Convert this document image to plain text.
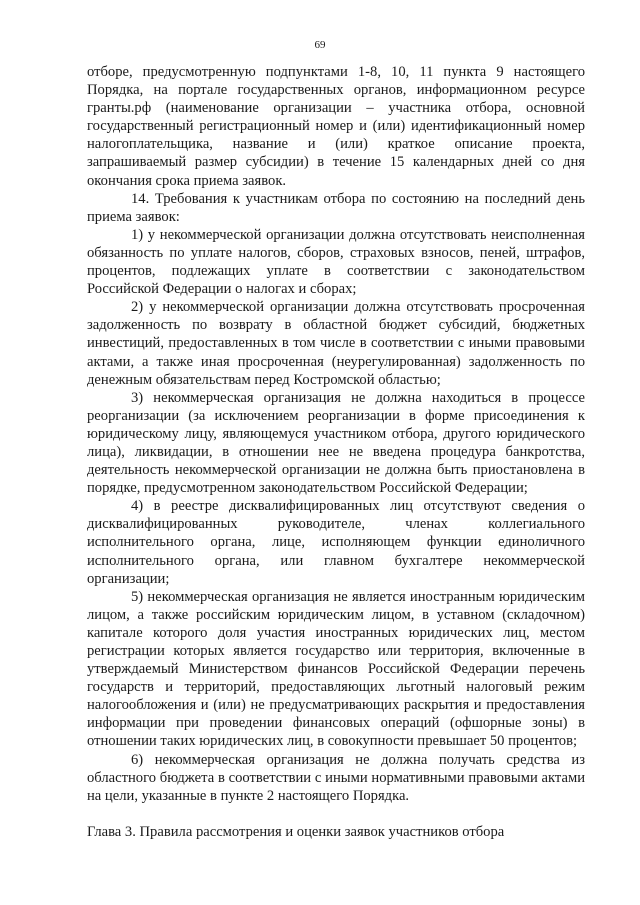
69

отборе, предусмотренную подпунктами 1-8, 10, 11 пункта 9 настоящего Порядка, на портале государственных органов, информационном ресурсе гранты.рф (наименование организации – участника отбора, основной государственный регистрационный номер и (или) идентификационный номер налогоплательщика, название и (или) краткое описание проекта, запрашиваемый размер субсидии) в течение 15 календарных дней со дня окончания срока приема заявок.

14. Требования к участникам отбора по состоянию на последний день приема заявок:

1) у некоммерческой организации должна отсутствовать неисполненная обязанность по уплате налогов, сборов, страховых взносов, пеней, штрафов, процентов, подлежащих уплате в соответствии с законодательством Российской Федерации о налогах и сборах;

2) у некоммерческой организации должна отсутствовать просроченная задолженность по возврату в областной бюджет субсидий, бюджетных инвестиций, предоставленных в том числе в соответствии с иными правовыми актами, а также иная просроченная (неурегулированная) задолженность по денежным обязательствам перед Костромской областью;

3) некоммерческая организация не должна находиться в процессе реорганизации (за исключением реорганизации в форме присоединения к юридическому лицу, являющемуся участником отбора, другого юридического лица), ликвидации, в отношении нее не введена процедура банкротства, деятельность некоммерческой организации не должна быть приостановлена в порядке, предусмотренном законодательством Российской Федерации;

4) в реестре дисквалифицированных лиц отсутствуют сведения о дисквалифицированных руководителе, членах коллегиального исполнительного органа, лице, исполняющем функции единоличного исполнительного органа, или главном бухгалтере некоммерческой организации;

5) некоммерческая организация не является иностранным юридическим лицом, а также российским юридическим лицом, в уставном (складочном) капитале которого доля участия иностранных юридических лиц, местом регистрации которых является государство или территория, включенные в утверждаемый Министерством финансов Российской Федерации перечень государств и территорий, предоставляющих льготный налоговый режим налогообложения и (или) не предусматривающих раскрытия и предоставления информации при проведении финансовых операций (офшорные зоны) в отношении таких юридических лиц, в совокупности превышает 50 процентов;

6) некоммерческая организация не должна получать средства из областного бюджета в соответствии с иными нормативными правовыми актами на цели, указанные в пункте 2 настоящего Порядка.

Глава 3. Правила рассмотрения и оценки заявок участников отбора
